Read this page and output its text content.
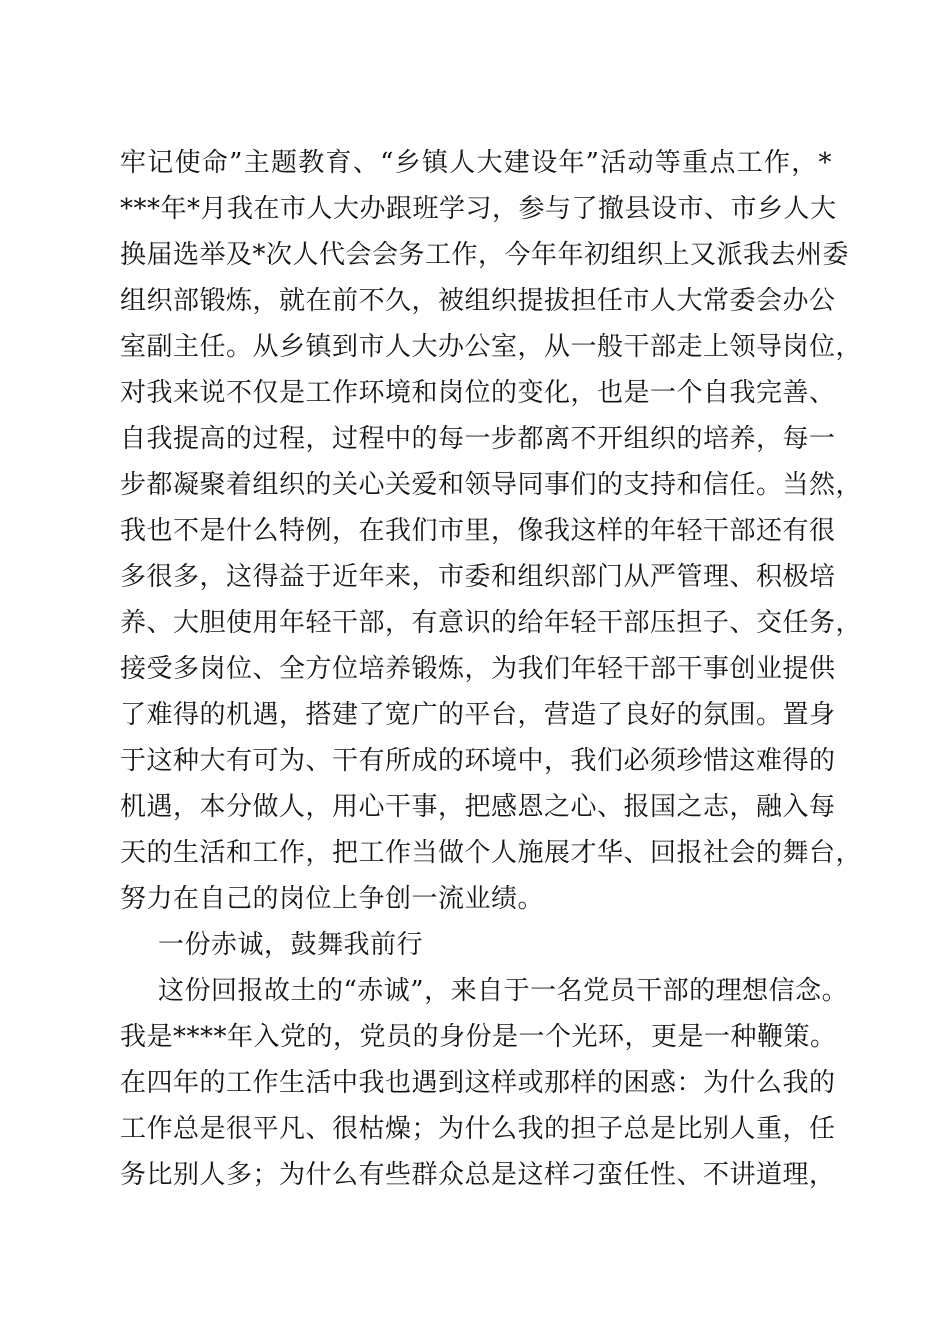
牢记使命”主题教育、“乡镇人大建设年”活动等重点工作，*

***年*月我在市人大办跟班学习，参与了撤县设市、市乡人大

换届选举及*次人代会会务工作，今年年初组织上又派我去州委

组织部锻炼，就在前不久，被组织提拔担任市人大常委会办公

室副主任。从乡镇到市人大办公室，从一般干部走上领导岗位，

对我来说不仅是工作环境和岗位的变化，也是一个自我完善、

自我提高的过程，过程中的每一步都离不开组织的培养，每一

步都凝聚着组织的关心关爱和领导同事们的支持和信任。当然，

我也不是什么特例，在我们市里，像我这样的年轻干部还有很

多很多，这得益于近年来，市委和组织部门从严管理、积极培

养、大胆使用年轻干部，有意识的给年轻干部压担子、交任务，

接受多岗位、全方位培养锻炼，为我们年轻干部干事创业提供

了难得的机遇，搭建了宽广的平台，营造了良好的氛围。置身

于这种大有可为、干有所成的环境中，我们必须珍惜这难得的

机遇，本分做人，用心干事，把感恩之心、报国之志，融入每

天的生活和工作，把工作当做个人施展才华、回报社会的舞台，

努力在自己的岗位上争创一流业绩。

一份赤诚，鼓舞我前行

这份回报故土的“赤诚”，来自于一名党员干部的理想信念。

我是****年入党的，党员的身份是一个光环，更是一种鞭策。

在四年的工作生活中我也遇到这样或那样的困惑：为什么我的

工作总是很平凡、很枯燥；为什么我的担子总是比别人重，任

务比别人多；为什么有些群众总是这样刁蛮任性、不讲道理，
